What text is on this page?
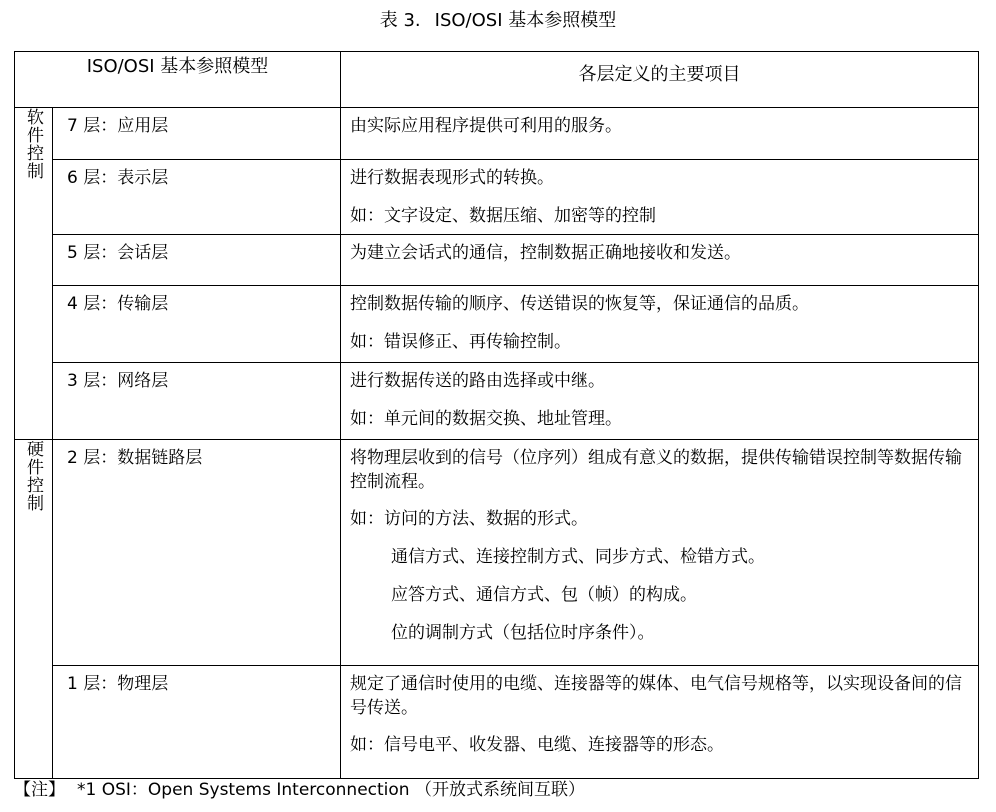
表 3. ISO/OSI 基本参照模型
ISO/OSI 基本参照模型		各层定义的主要项目
软件控制	7 层：应用层	由实际应用程序提供可利用的服务。

	6 层：表示层	进行数据表现形式的转换。
如：文字设定、数据压缩、加密等的控制

	5 层：会话层	为建立会话式的通信，控制数据正确地接收和发送。

	4 层：传输层	控制数据传输的顺序、传送错误的恢复等，保证通信的品质。
如：错误修正、再传输控制。

	3 层：网络层	进行数据传送的路由选择或中继。
如：单元间的数据交换、地址管理。

硬件控制	2 层：数据链路层	将物理层收到的信号（位序列）组成有意义的数据，提供传输错误控制等数据传输控制流程。
如：访问的方法、数据的形式。
通信方式、连接控制方式、同步方式、检错方式。
应答方式、通信方式、包（帧）的构成。
位的调制方式（包括位时序条件）。

	1 层：物理层	规定了通信时使用的电缆、连接器等的媒体、电气信号规格等，以实现设备间的信号传送。
如：信号电平、收发器、电缆、连接器等的形态。
【注】 *1 OSI：Open Systems Interconnection （开放式系统间互联）
